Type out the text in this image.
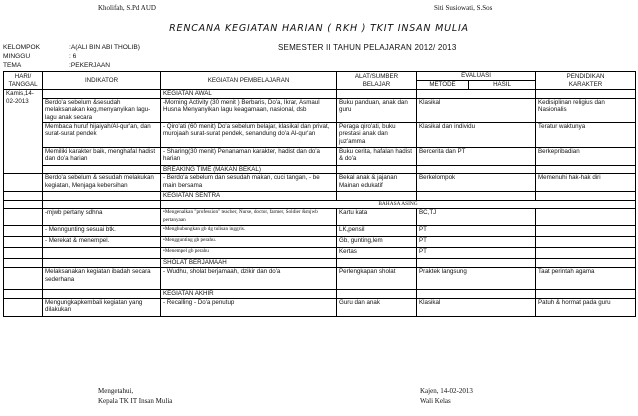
Kholifah, S.Pd AUD	Siti Susiowati, S.Sos
RENCANA KEGIATAN HARIAN ( RKH ) TKIT INSAN MULIA
KELOMPOK	:A(ALI BIN ABI THOLIB)
MINGGU	: 6
TEMA	:PEKERJAAN
SEMESTER II TAHUN PELAJARAN 2012/ 2013
HARI/
TANGGAL	INDIKATOR	KEGIATAN PEMBELAJARAN	ALAT/SUMBER
BELAJAR	EVALUASI		PENDIDIKAN
KARAKTER
				METODE	HASIL	
Kamis,14-
02-2013		KEGIATAN AWAL				
	Berdo'a sebelum &sesudah melaksanakan keg,menyanyikan lagu-lagu anak secara	-Morning Activity (30 menit ) Berbaris, Do'a, Ikrar, Asmaul Husna Menyanyikan lagu keagamaan, nasional, dsb	Buku panduan, anak dan guru	Klasikal		Kedisiplinan religius dan Nasionalis
	Membaca huruf hijaiyah/Al-qur'an, dan surat-surat pendek	- Qiro'ati (60 menit) Do'a sebelum belajar, klasikal dan privat, murojaah surat-surat pendek, senandung do'a Al-qur'an	Peraga qiro'ati, buku prestasi anak dan juz'amma	Klasikal dan individu		Teratur waktunya
	Memiliki karakter baik, menghafal hadist dan do'a harian	- Sharing(30 menit) Penanaman karakter, hadist dan do'a harian	Buku cerita, hafalan hadist & do'a	Bercerita dan PT		Berkepribadian
		BREAKING TIME (MAKAN BEKAL)				
	Berdo'a sebelum & sesudah melakukan kegiatan, Menjaga kebersihan	- Berdo'a sebelum dan sesudah makan, cuci tangan, - be main bersama	Bekal anak & jajanan Mainan edukatif	Berkelompok		Memenuhi hak-hak diri
		KEGIATAN SENTRA				
		BAHASA ASING				
	-mjwb pertany sdhna	•Mengenalkan "profession" teacher, Nurse, doctor, farmer, Soldier &mjwb pertanyaan	Kartu kata	BC,TJ		
	- Menngunting sesuai btk.	•Menghubungkan gb dg tulisan inggris.	LK,pensil	PT		
	- Merekat & menempel.	•Menggunting gb perahu.	Gb, gunting,lem	PT		
		•Menempel gb perahu	Kertas	PT		
		SHOLAT BERJAMAAH				
	Melaksanakan kegiatan ibadah secara sederhana	- Wudhu, sholat berjamaah, dzikir dan do'a	Perlengkapan sholat	Praktek langsung		Taat perintah agama
		KEGIATAN AKHIR				
	Mengungkapkembali kegiatan yang dilakukan	- Recalling - Do'a penutup	Guru dan anak	Klasikal		Patuh & hormat pada guru
Mengetahui,
Kepala TK IT Insan Mulia
Kajen, 14-02-2013
Wali Kelas
